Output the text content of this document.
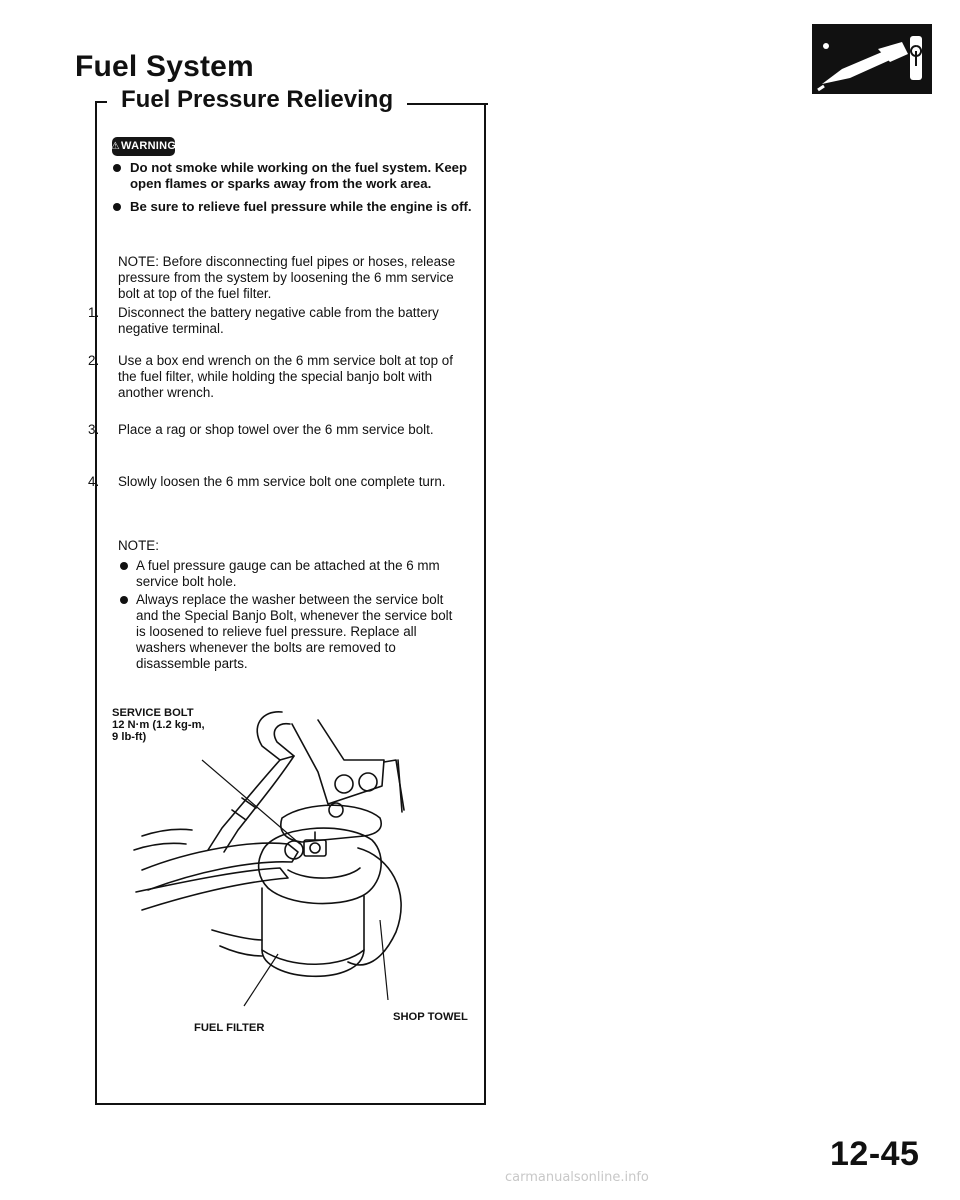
Fuel System
Fuel Pressure Relieving
⚠ WARNING
Do not smoke while working on the fuel system. Keep open flames or sparks away from the work area.
Be sure to relieve fuel pressure while the engine is off.

NOTE: Before disconnecting fuel pipes or hoses, release pressure from the system by loosening the 6 mm service bolt at top of the fuel filter.

1. Disconnect the battery negative cable from the battery negative terminal.

2. Use a box end wrench on the 6 mm service bolt at top of the fuel filter, while holding the special banjo bolt with another wrench.

3. Place a rag or shop towel over the 6 mm service bolt.

4. Slowly loosen the 6 mm service bolt one complete turn.

NOTE:

A fuel pressure gauge can be attached at the 6 mm service bolt hole.
Always replace the washer between the service bolt and the Special Banjo Bolt, whenever the service bolt is loosened to relieve fuel pressure. Replace all washers whenever the bolts are removed to disassemble parts.
SERVICE BOLT
12 N·m (1.2 kg-m,
9 lb-ft)
SHOP TOWEL
FUEL FILTER

12-45

carmanualsonline.info
